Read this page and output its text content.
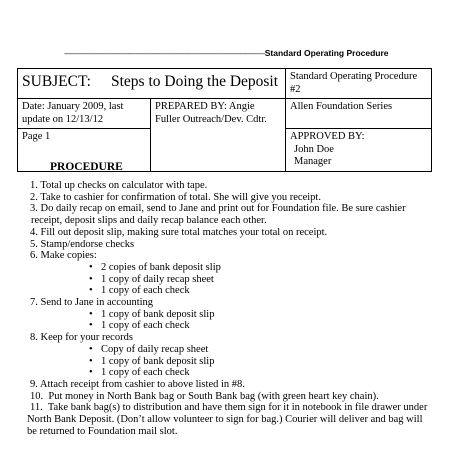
------------------------------------------------------------------------------------------Standard Operating Procedure
SUBJECT: Steps to Doing the Deposit		Standard Operating Procedure #2
Date: January 2009, last update on 12/13/12	PREPARED BY: Angie Fuller Outreach/Dev. Cdtr.	Allen Foundation Series
Page 1		APPROVED BY:
John Doe
Manager
PROCEDURE
1. Total up checks on calculator with tape.
2. Take to cashier for confirmation of total. She will give you receipt.
3. Do daily recap on email, send to Jane and print out for Foundation file. Be sure cashier
receipt, deposit slips and daily recap balance each other.
4. Fill out deposit slip, making sure total matches your total on receipt.
5. Stamp/endorse checks
6. Make copies:
• 2 copies of bank deposit slip
• 1 copy of daily recap sheet
• 1 copy of each check
7. Send to Jane in accounting
• 1 copy of bank deposit slip
• 1 copy of each check
8. Keep for your records
• Copy of daily recap sheet
• 1 copy of bank deposit slip
• 1 copy of each check
9. Attach receipt from cashier to above listed in #8.
10. Put money in North Bank bag or South Bank bag (with green heart key chain).
11. Take bank bag(s) to distribution and have them sign for it in notebook in file drawer under
North Bank Deposit. (Don’t allow volunteer to sign for bag.) Courier will deliver and bag will
be returned to Foundation mail slot.
